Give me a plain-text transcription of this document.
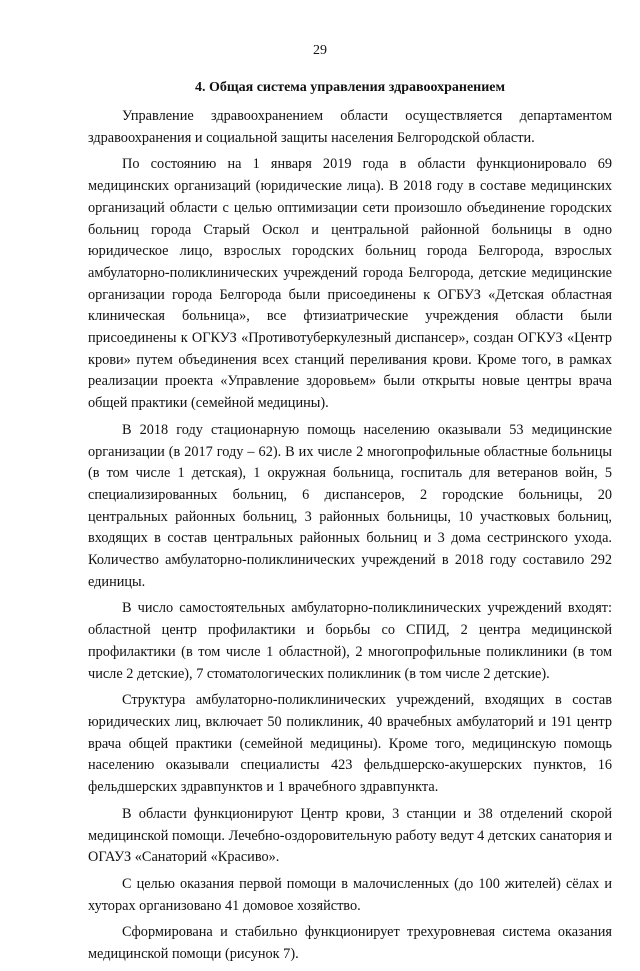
29
4. Общая система управления здравоохранением

Управление здравоохранением области осуществляется департаментом здравоохранения и социальной защиты населения Белгородской области.

По состоянию на 1 января 2019 года в области функционировало 69 медицинских организаций (юридические лица). В 2018 году в составе медицинских организаций области с целью оптимизации сети произошло объединение городских больниц города Старый Оскол и центральной районной больницы в одно юридическое лицо, взрослых городских больниц города Белгорода, взрослых амбулаторно-поликлинических учреждений города Белгорода, детские медицинские организации города Белгорода были присоединены к ОГБУЗ «Детская областная клиническая больница», все фтизиатрические учреждения области были присоединены к ОГКУЗ «Противотуберкулезный диспансер», создан ОГКУЗ «Центр крови» путем объединения всех станций переливания крови. Кроме того, в рамках реализации проекта «Управление здоровьем» были открыты новые центры врача общей практики (семейной медицины).

В 2018 году стационарную помощь населению оказывали 53 медицинские организации (в 2017 году – 62). В их числе 2 многопрофильные областные больницы (в том числе 1 детская), 1 окружная больница, госпиталь для ветеранов войн, 5 специализированных больниц, 6 диспансеров, 2 городские больницы, 20 центральных районных больниц, 3 районных больницы, 10 участковых больниц, входящих в состав центральных районных больниц и 3 дома сестринского ухода. Количество амбулаторно-поликлинических учреждений в 2018 году составило 292 единицы.

В число самостоятельных амбулаторно-поликлинических учреждений входят: областной центр профилактики и борьбы со СПИД, 2 центра медицинской профилактики (в том числе 1 областной), 2 многопрофильные поликлиники (в том числе 2 детские), 7 стоматологических поликлиник (в том числе 2 детские).

Структура амбулаторно-поликлинических учреждений, входящих в состав юридических лиц, включает 50 поликлиник, 40 врачебных амбулаторий и 191 центр врача общей практики (семейной медицины). Кроме того, медицинскую помощь населению оказывали специалисты 423 фельдшерско-акушерских пунктов, 16 фельдшерских здравпунктов и 1 врачебного здравпункта.

В области функционируют Центр крови, 3 станции и 38 отделений скорой медицинской помощи. Лечебно-оздоровительную работу ведут 4 детских санатория и ОГАУЗ «Санаторий «Красиво».

С целью оказания первой помощи в малочисленных (до 100 жителей) сёлах и хуторах организовано 41 домовое хозяйство.

Сформирована и стабильно функционирует трехуровневая система оказания медицинской помощи (рисунок 7).
